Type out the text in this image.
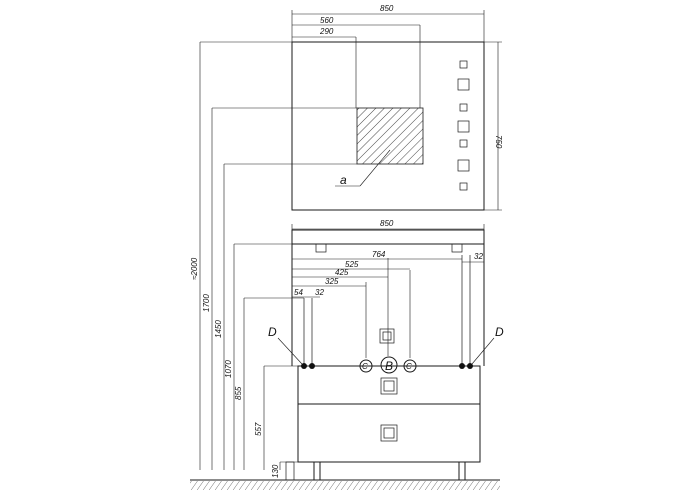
a
850
560
290
750
C B C
D	D
850
764	32
525
425
325
54 32
≈2000
1700
1450
1070
855
557
130
